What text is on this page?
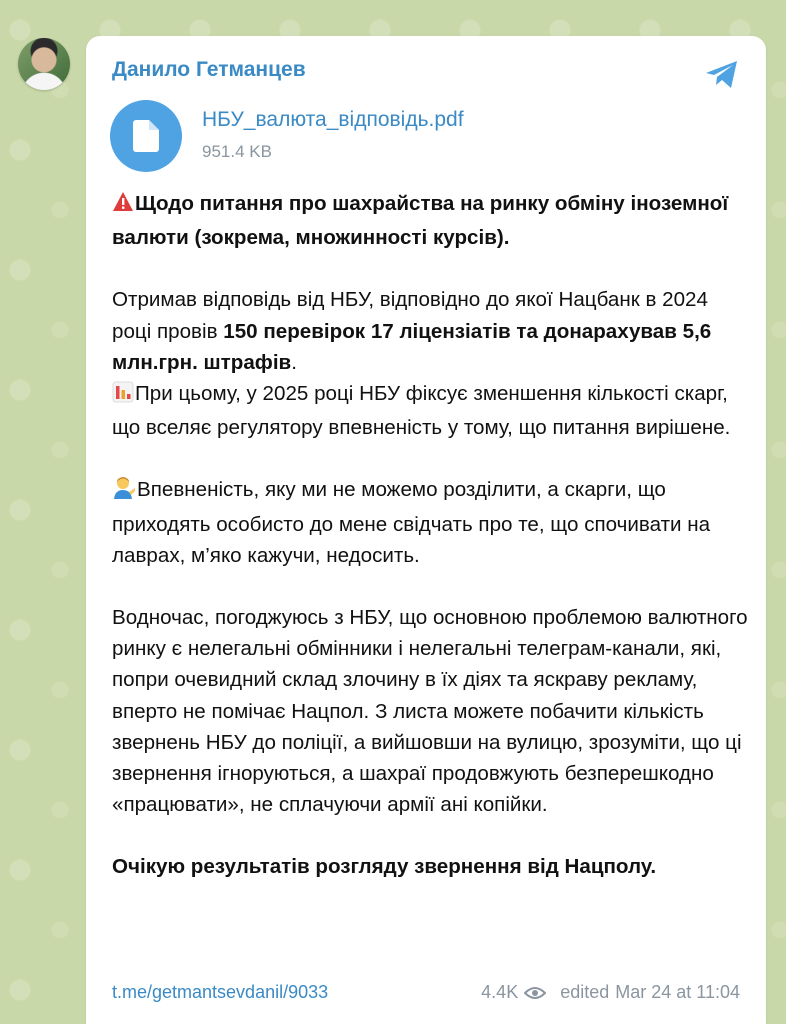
Данило Гетманцев
НБУ_валюта_відповідь.pdf
951.4 KB

Щодо питання про шахрайства на ринку обміну іноземної валюти (зокрема, множинності курсів).

Отримав відповідь від НБУ, відповідно до якої Нацбанк в 2024 році провів 150 перевірок 17 ліцензіатів та донарахував 5,6 млн.грн. штрафів.

При цьому, у 2025 році НБУ фіксує зменшення кількості скарг, що вселяє регулятору впевненість у тому, що питання вирішене.

Впевненість, яку ми не можемо розділити, а скарги, що приходять особисто до мене свідчать про те, що спочивати на лаврах, м’яко кажучи, недосить.

Водночас, погоджуюсь з НБУ, що основною проблемою валютного ринку є нелегальні обмінники і нелегальні телеграм-канали, які, попри очевидний склад злочину в їх діях та яскраву рекламу, вперто не помічає Нацпол. З листа можете побачити кількість звернень НБУ до поліції, а вийшовши на вулицю, зрозуміти, що ці звернення ігноруються, а шахраї продовжують безперешкодно «працювати», не сплачуючи армії ані копійки.

Очікую результатів розгляду звернення від Нацполу.

t.me/getmantsevdanil/9033	4.4K edited Mar 24 at 11:04
